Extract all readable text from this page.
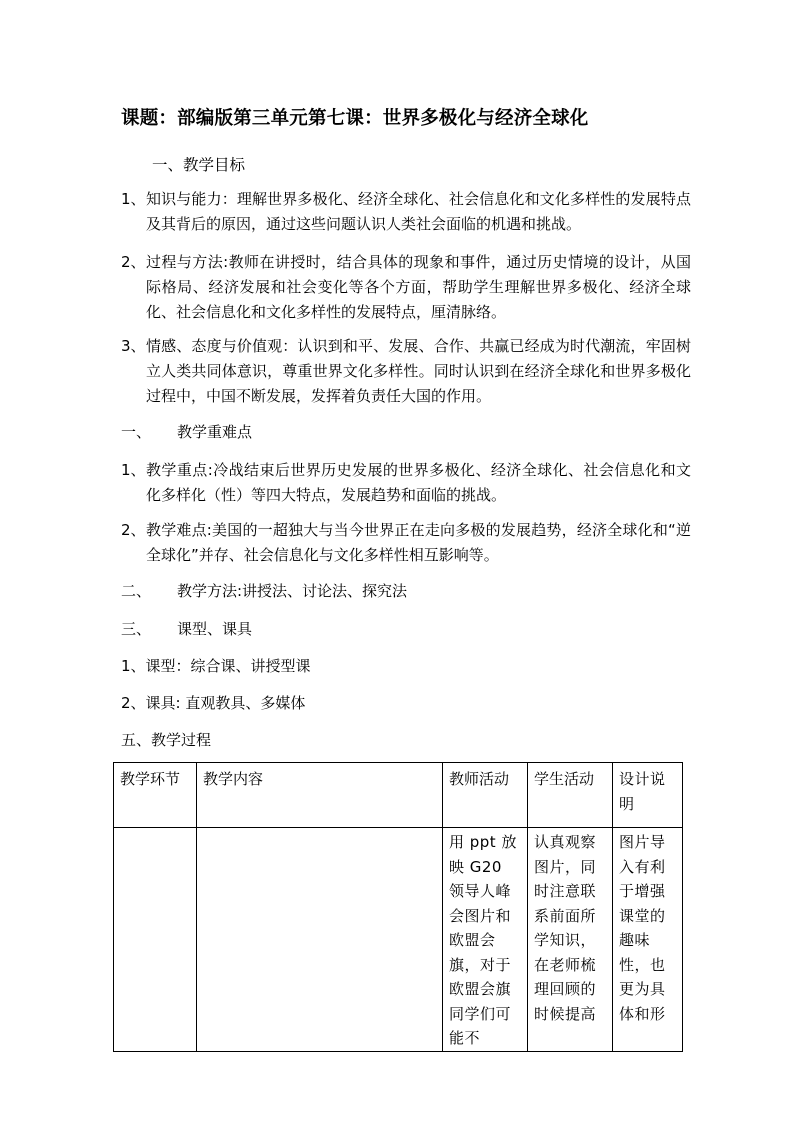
课题：部编版第三单元第七课：世界多极化与经济全球化
一、教学目标
1、 知识与能力：理解世界多极化、经济全球化、社会信息化和文化多样性的发展特点及其背后的原因，通过这些问题认识人类社会面临的机遇和挑战。
2、 过程与方法:教师在讲授时，结合具体的现象和事件，通过历史情境的设计，从国际格局、经济发展和社会变化等各个方面，帮助学生理解世界多极化、经济全球化、社会信息化和文化多样性的发展特点，厘清脉络。
3、 情感、态度与价值观：认识到和平、发展、合作、共赢已经成为时代潮流，牢固树立人类共同体意识，尊重世界文化多样性。同时认识到在经济全球化和世界多极化过程中，中国不断发展，发挥着负责任大国的作用。
一、 教学重难点
1、 教学重点:冷战结束后世界历史发展的世界多极化、经济全球化、社会信息化和文化多样化（性）等四大特点，发展趋势和面临的挑战。
2、 教学难点:美国的一超独大与当今世界正在走向多极的发展趋势，经济全球化和“逆全球化”并存、社会信息化与文化多样性相互影响等。
二、 教学方法:讲授法、讨论法、探究法
三、 课型、课具
1、课型：综合课、讲授型课
2、课具: 直观教具、多媒体
五、教学过程
教学环节	教学内容	教师活动	学生活动	设计说明
		用 ppt 放映 G20 领导人峰会图片和欧盟会旗，对于欧盟会旗同学们可能不	认真观察图片，同时注意联系前面所学知识，在老师梳理回顾的时候提高	图片导入有利于增强课堂的趣味性，也更为具体和形
